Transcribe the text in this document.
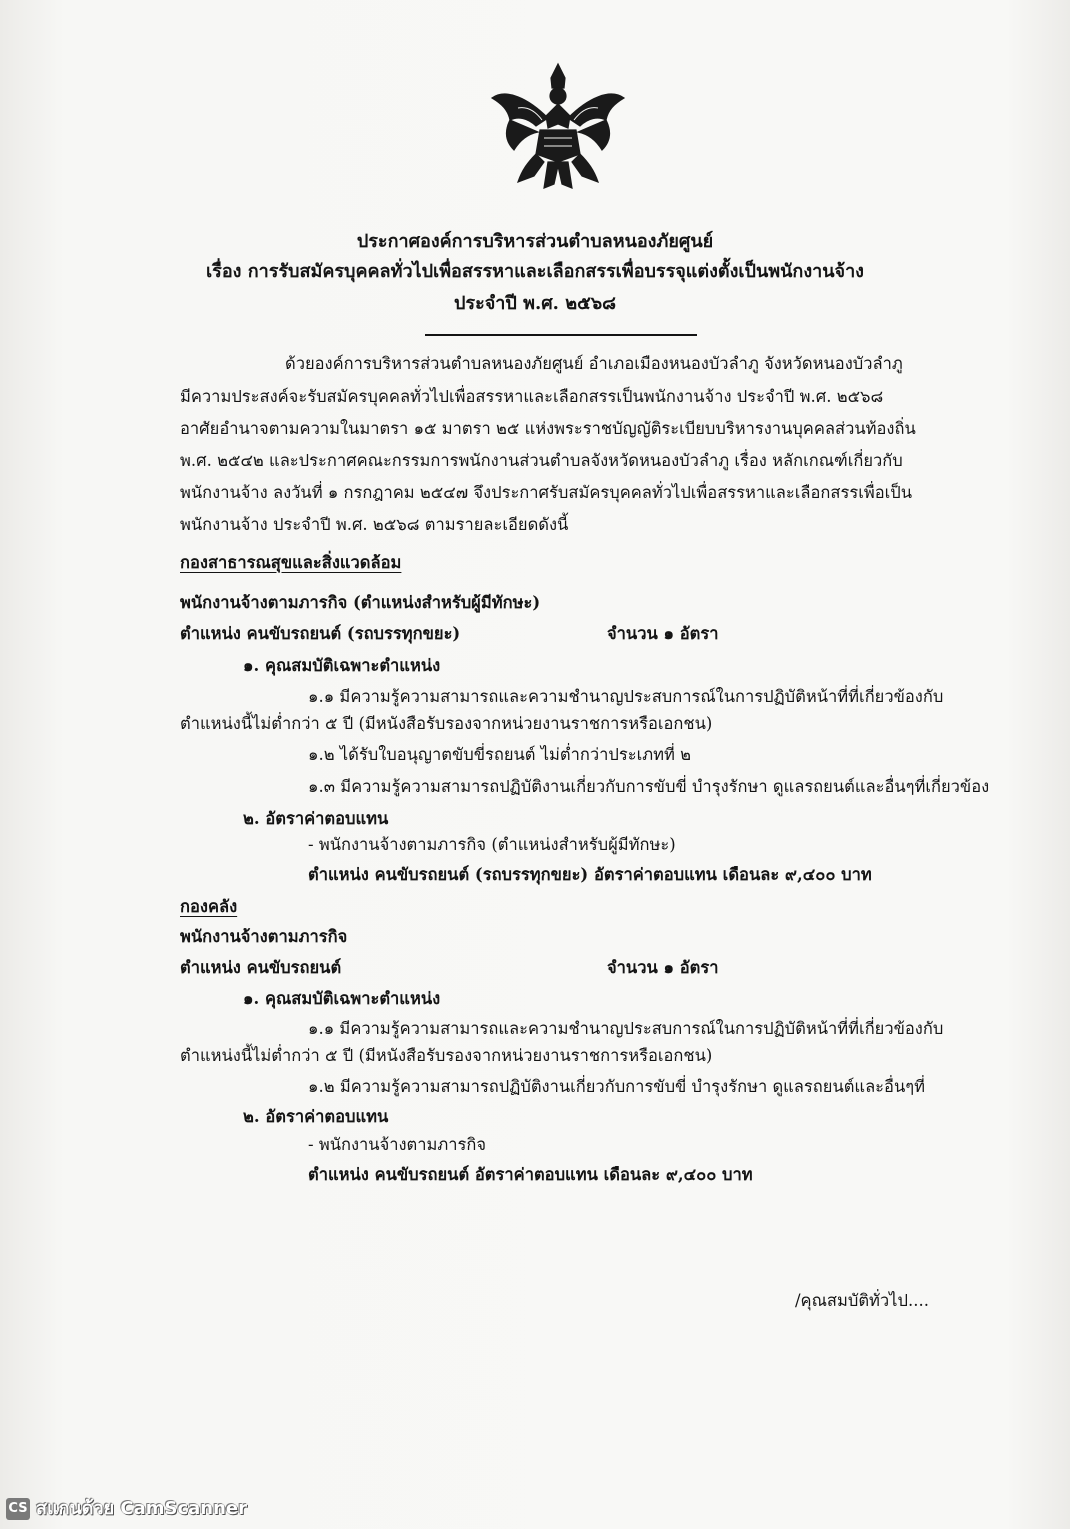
ประกาศองค์การบริหารส่วนตำบลหนองภัยศูนย์
เรื่อง การรับสมัครบุคคลทั่วไปเพื่อสรรหาและเลือกสรรเพื่อบรรจุแต่งตั้งเป็นพนักงานจ้าง
ประจำปี พ.ศ. ๒๕๖๘
ด้วยองค์การบริหารส่วนตำบลหนองภัยศูนย์ อำเภอเมืองหนองบัวลำภู จังหวัดหนองบัวลำภู
มีความประสงค์จะรับสมัครบุคคลทั่วไปเพื่อสรรหาและเลือกสรรเป็นพนักงานจ้าง ประจำปี พ.ศ. ๒๕๖๘
อาศัยอำนาจตามความในมาตรา ๑๕ มาตรา ๒๕ แห่งพระราชบัญญัติระเบียบบริหารงานบุคคลส่วนท้องถิ่น
พ.ศ. ๒๕๔๒ และประกาศคณะกรรมการพนักงานส่วนตำบลจังหวัดหนองบัวลำภู เรื่อง หลักเกณฑ์เกี่ยวกับ
พนักงานจ้าง ลงวันที่ ๑ กรกฎาคม ๒๕๔๗ จึงประกาศรับสมัครบุคคลทั่วไปเพื่อสรรหาและเลือกสรรเพื่อเป็น
พนักงานจ้าง ประจำปี พ.ศ. ๒๕๖๘ ตามรายละเอียดดังนี้
กองสาธารณสุขและสิ่งแวดล้อม
พนักงานจ้างตามภารกิจ (ตำแหน่งสำหรับผู้มีทักษะ)
ตำแหน่ง คนขับรถยนต์ (รถบรรทุกขยะ)	จำนวน ๑ อัตรา
๑. คุณสมบัติเฉพาะตำแหน่ง
๑.๑ มีความรู้ความสามารถและความชำนาญประสบการณ์ในการปฏิบัติหน้าที่ที่เกี่ยวข้องกับ
ตำแหน่งนี้ไม่ต่ำกว่า ๕ ปี (มีหนังสือรับรองจากหน่วยงานราชการหรือเอกชน)
๑.๒ ได้รับใบอนุญาตขับขี่รถยนต์ ไม่ต่ำกว่าประเภทที่ ๒
๑.๓ มีความรู้ความสามารถปฏิบัติงานเกี่ยวกับการขับขี่ บำรุงรักษา ดูแลรถยนต์และอื่นๆที่เกี่ยวข้อง
๒. อัตราค่าตอบแทน
- พนักงานจ้างตามภารกิจ (ตำแหน่งสำหรับผู้มีทักษะ)
ตำแหน่ง คนขับรถยนต์ (รถบรรทุกขยะ) อัตราค่าตอบแทน เดือนละ ๙,๔๐๐ บาท
กองคลัง
พนักงานจ้างตามภารกิจ
ตำแหน่ง คนขับรถยนต์	จำนวน ๑ อัตรา
๑. คุณสมบัติเฉพาะตำแหน่ง
๑.๑ มีความรู้ความสามารถและความชำนาญประสบการณ์ในการปฏิบัติหน้าที่ที่เกี่ยวข้องกับ
ตำแหน่งนี้ไม่ต่ำกว่า ๕ ปี (มีหนังสือรับรองจากหน่วยงานราชการหรือเอกชน)
๑.๒ มีความรู้ความสามารถปฏิบัติงานเกี่ยวกับการขับขี่ บำรุงรักษา ดูแลรถยนต์และอื่นๆที่
๒. อัตราค่าตอบแทน
- พนักงานจ้างตามภารกิจ
ตำแหน่ง คนขับรถยนต์ อัตราค่าตอบแทน เดือนละ ๙,๔๐๐ บาท
/คุณสมบัติทั่วไป....
CS สแกนด้วย CamScanner
